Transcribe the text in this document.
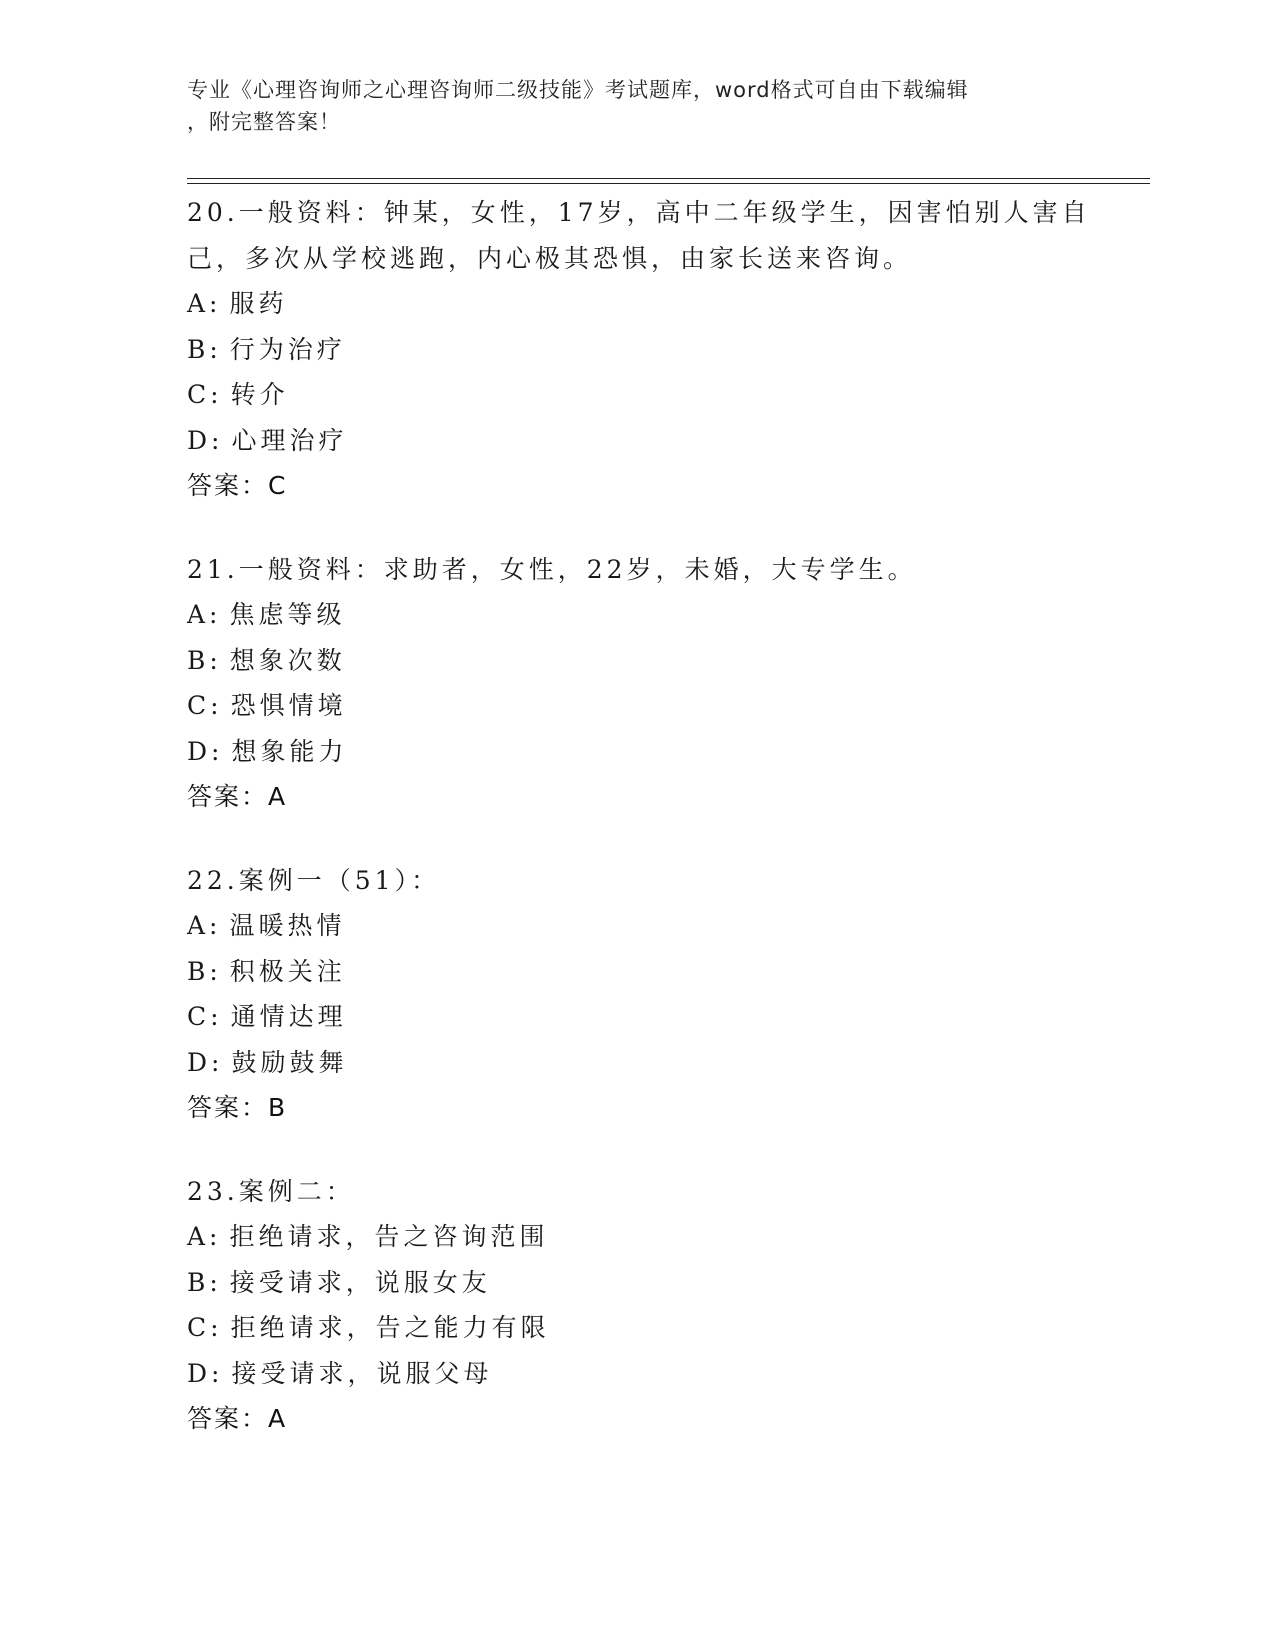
专业《心理咨询师之心理咨询师二级技能》考试题库，word格式可自由下载编辑
，附完整答案！
20.一般资料：钟某，女性，17岁，高中二年级学生，因害怕别人害自
己，多次从学校逃跑，内心极其恐惧，由家长送来咨询。
A: 服药
B: 行为治疗
C: 转介
D: 心理治疗
答案：C
21.一般资料：求助者，女性，22岁，未婚，大专学生。
A: 焦虑等级
B: 想象次数
C: 恐惧情境
D: 想象能力
答案：A
22.案例一（51）：
A: 温暖热情
B: 积极关注
C: 通情达理
D: 鼓励鼓舞
答案：B
23.案例二：
A: 拒绝请求，告之咨询范围
B: 接受请求，说服女友
C: 拒绝请求，告之能力有限
D: 接受请求，说服父母
答案：A
